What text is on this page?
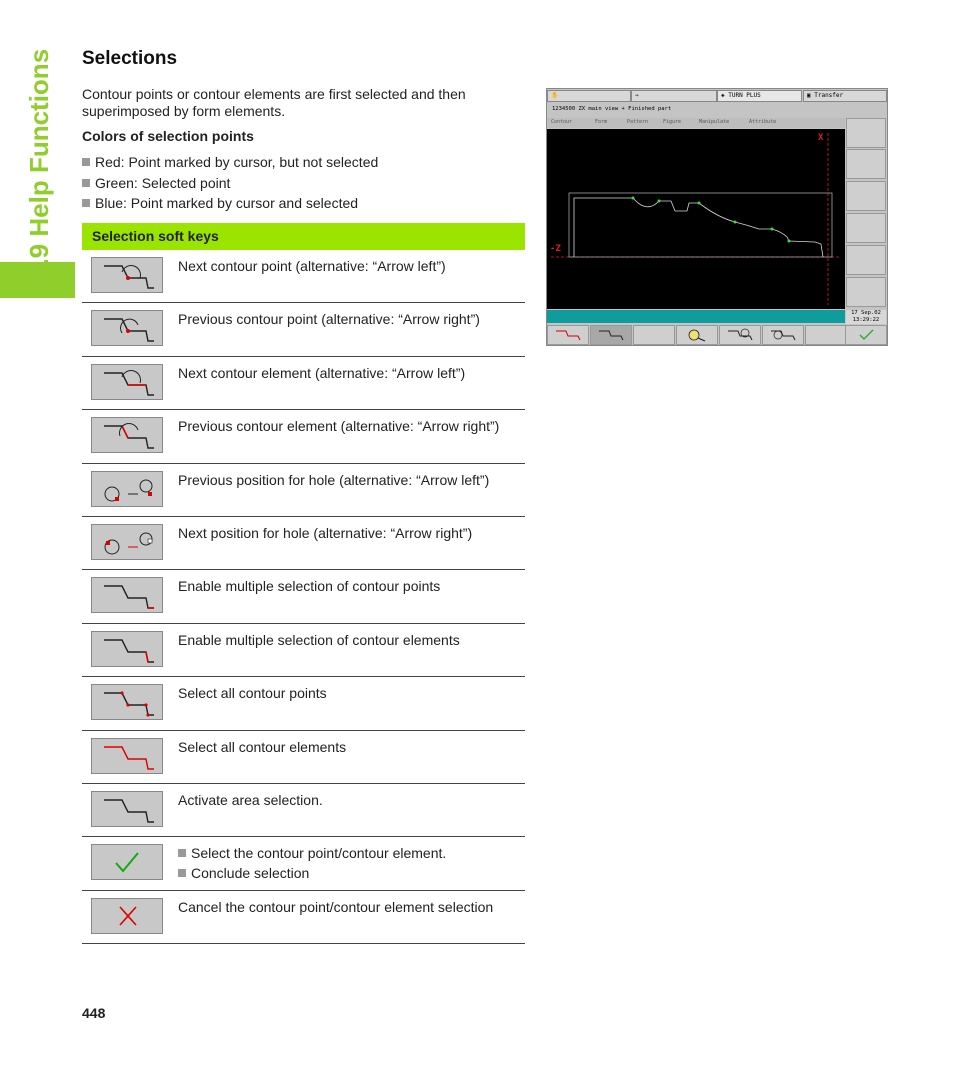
6.9 Help Functions Selections

Contour points or contour elements are first selected and then superimposed by form elements.

Colors of selection points

Red: Point marked by cursor, but not selected
Green: Selected point
Blue: Point marked by cursor and selected
Selection soft keys
Next contour point (alternative: “Arrow left”)
Previous contour point (alternative: “Arrow right”)
Next contour element (alternative: “Arrow left”)
Previous contour element (alternative: “Arrow right”)
Previous position for hole (alternative: “Arrow left”)
Next position for hole (alternative: “Arrow right”)
Enable multiple selection of contour points
Enable multiple selection of contour elements
Select all contour points
Select all contour elements
Activate area selection.
Select the contour point/contour element.
Conclude selection
Cancel the contour point/contour element selection
448
✋	⇒	◈ TURN PLUS	▣ Transfer
1234500 ZX main view + Finished part
Contour	Form	Pattern	Figure	Manipulate	Attribute
X
-Z
17 Sep.02
13:29:22
